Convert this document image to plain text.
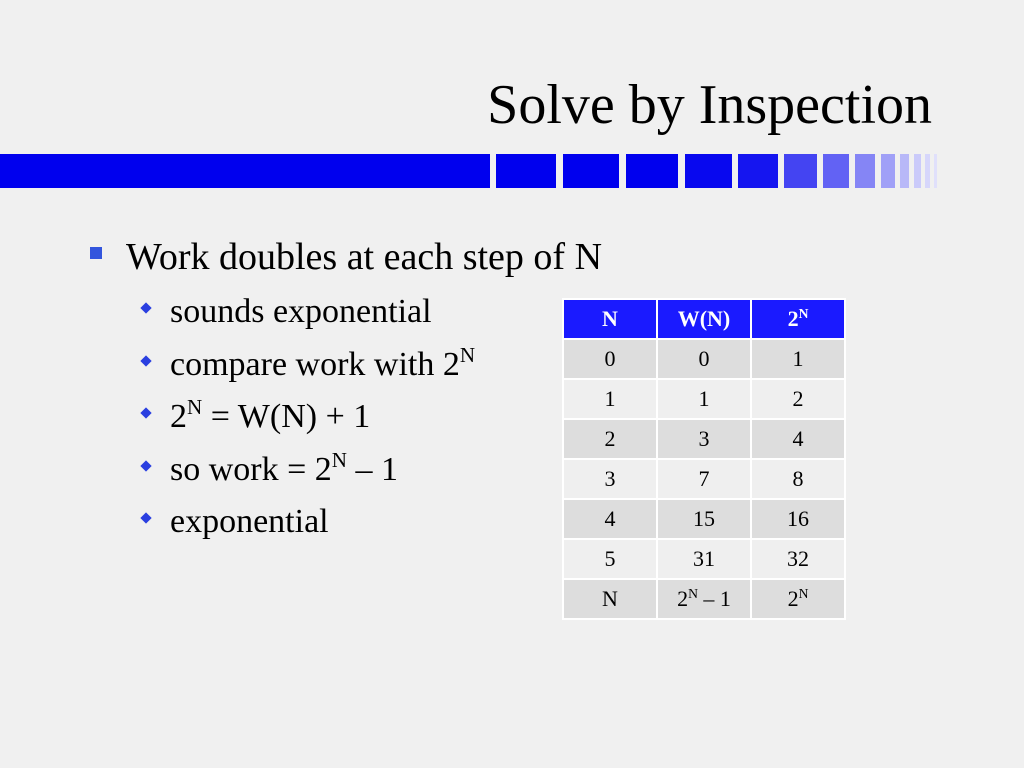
Solve by Inspection
Work doubles at each step of N
sounds exponential
compare work with $2^N$
$2^N = W(N) + 1$
so work = $2^N - 1$
exponential
N	W(N)	$2^N$
0	0	1
1	1	2
2	3	4
3	7	8
4	15	16
5	31	32
N	$2^N - 1$	$2^N$
